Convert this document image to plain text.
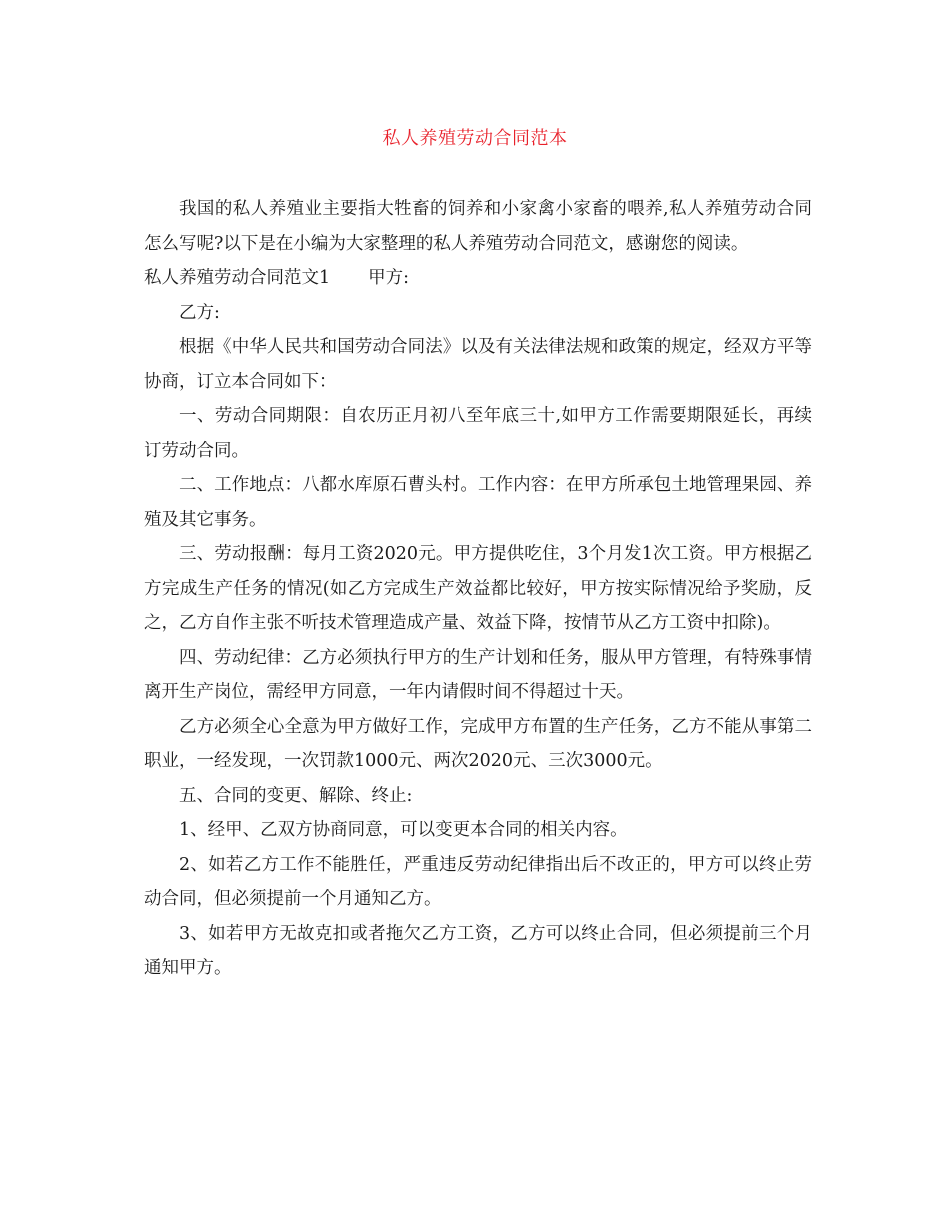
私人养殖劳动合同范本

我国的私人养殖业主要指大牲畜的饲养和小家禽小家畜的喂养,私人养殖劳动合同怎么写呢?以下是在小编为大家整理的私人养殖劳动合同范文，感谢您的阅读。

私人养殖劳动合同范文1 甲方:

乙方:

根据《中华人民共和国劳动合同法》以及有关法律法规和政策的规定，经双方平等协商，订立本合同如下：

一、劳动合同期限：自农历正月初八至年底三十,如甲方工作需要期限延长，再续订劳动合同。

二、工作地点：八都水库原石曹头村。工作内容：在甲方所承包土地管理果园、养殖及其它事务。

三、劳动报酬：每月工资2020元。甲方提供吃住，3个月发1次工资。甲方根据乙方完成生产任务的情况(如乙方完成生产效益都比较好，甲方按实际情况给予奖励，反之，乙方自作主张不听技术管理造成产量、效益下降，按情节从乙方工资中扣除)。

四、劳动纪律：乙方必须执行甲方的生产计划和任务，服从甲方管理，有特殊事情离开生产岗位，需经甲方同意，一年内请假时间不得超过十天。

乙方必须全心全意为甲方做好工作，完成甲方布置的生产任务，乙方不能从事第二职业，一经发现，一次罚款1000元、两次2020元、三次3000元。

五、合同的变更、解除、终止:

1、经甲、乙双方协商同意，可以变更本合同的相关内容。

2、如若乙方工作不能胜任，严重违反劳动纪律指出后不改正的，甲方可以终止劳动合同，但必须提前一个月通知乙方。

3、如若甲方无故克扣或者拖欠乙方工资，乙方可以终止合同，但必须提前三个月通知甲方。
